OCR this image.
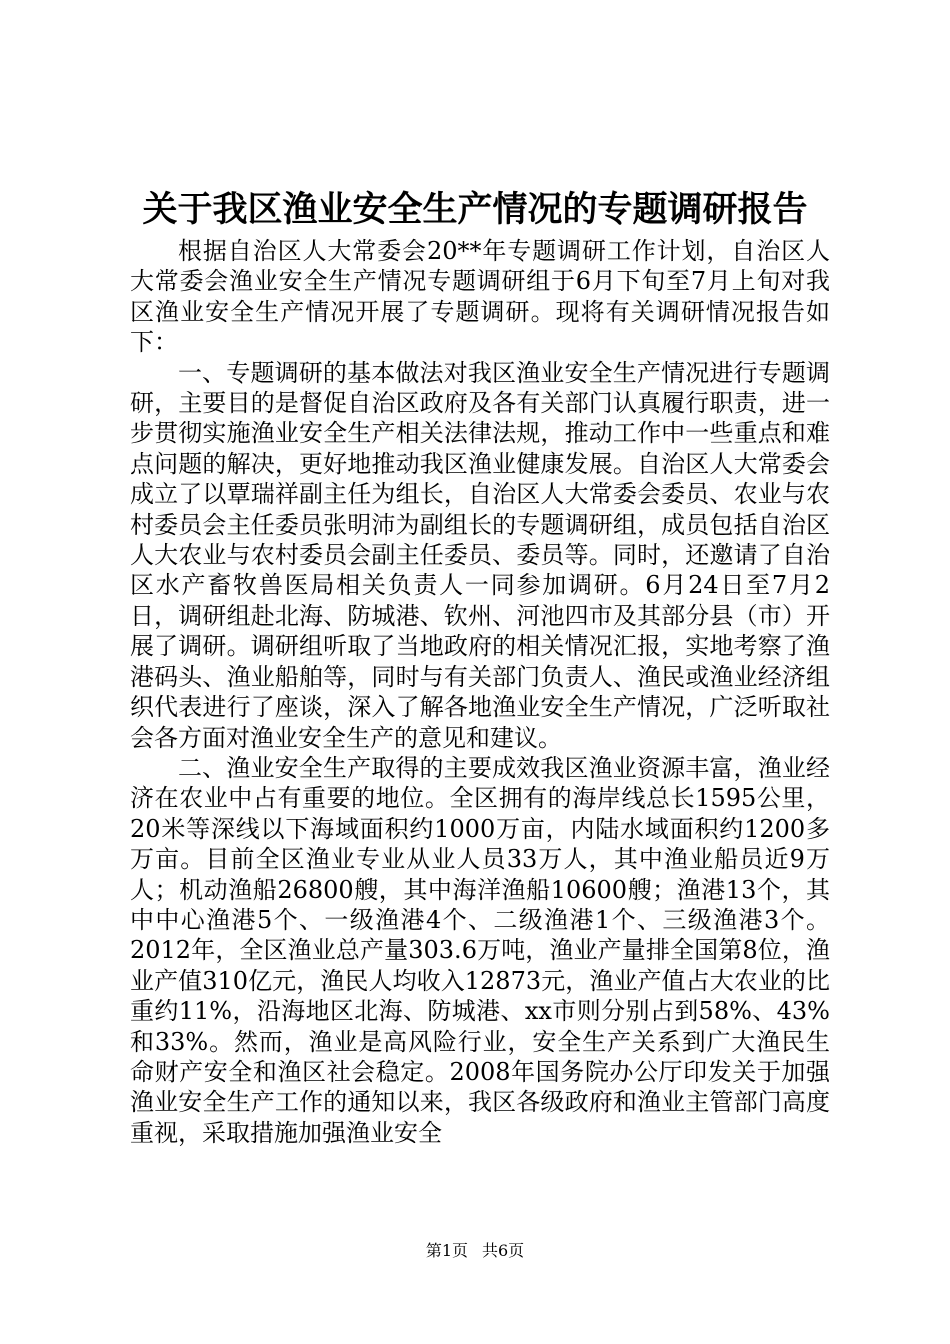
关于我区渔业安全生产情况的专题调研报告

根据自治区人大常委会20**年专题调研工作计划，自治区人大常委会渔业安全生产情况专题调研组于6月下旬至7月上旬对我区渔业安全生产情况开展了专题调研。现将有关调研情况报告如下：

一、专题调研的基本做法对我区渔业安全生产情况进行专题调研，主要目的是督促自治区政府及各有关部门认真履行职责，进一步贯彻实施渔业安全生产相关法律法规，推动工作中一些重点和难点问题的解决，更好地推动我区渔业健康发展。自治区人大常委会成立了以覃瑞祥副主任为组长，自治区人大常委会委员、农业与农村委员会主任委员张明沛为副组长的专题调研组，成员包括自治区人大农业与农村委员会副主任委员、委员等。同时，还邀请了自治区水产畜牧兽医局相关负责人一同参加调研。6月24日至7月2日，调研组赴北海、防城港、钦州、河池四市及其部分县（市）开展了调研。调研组听取了当地政府的相关情况汇报，实地考察了渔港码头、渔业船舶等，同时与有关部门负责人、渔民或渔业经济组织代表进行了座谈，深入了解各地渔业安全生产情况，广泛听取社会各方面对渔业安全生产的意见和建议。

二、渔业安全生产取得的主要成效我区渔业资源丰富，渔业经济在农业中占有重要的地位。全区拥有的海岸线总长1595公里，20米等深线以下海域面积约1000万亩，内陆水域面积约1200多万亩。目前全区渔业专业从业人员33万人，其中渔业船员近9万人；机动渔船26800艘，其中海洋渔船10600艘；渔港13个，其中中心渔港5个、一级渔港4个、二级渔港1个、三级渔港3个。2012年，全区渔业总产量303.6万吨，渔业产量排全国第8位，渔业产值310亿元，渔民人均收入12873元，渔业产值占大农业的比重约11%，沿海地区北海、防城港、xx市则分别占到58%、43%和33%。然而，渔业是高风险行业，安全生产关系到广大渔民生命财产安全和渔区社会稳定。2008年国务院办公厅印发关于加强渔业安全生产工作的通知以来，我区各级政府和渔业主管部门高度重视，采取措施加强渔业安全

第1页 共6页
